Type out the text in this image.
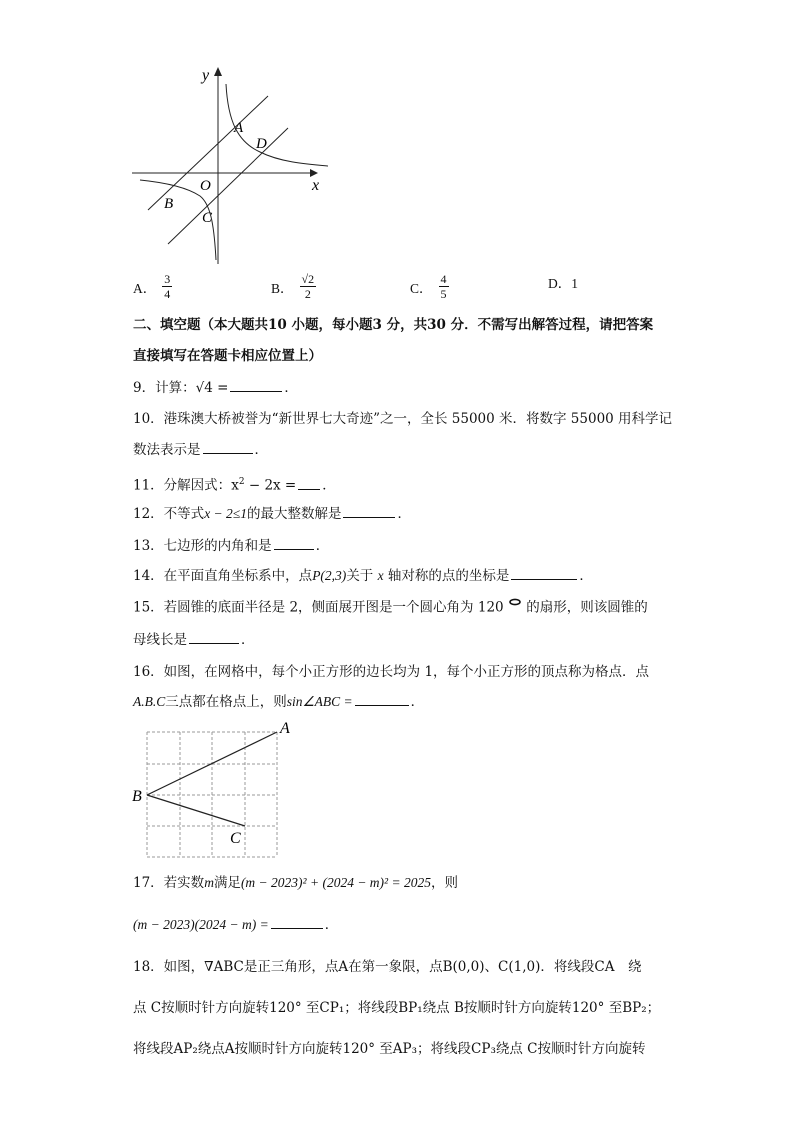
y
x
A
D
O
B
C
A． $\frac{3}{4}$	B． $\frac{√2}{2}$	C． $\frac{4}{5}$	D．1
二、填空题（本大题共10 小题，每小题3 分，共30 分．不需写出解答过程，请把答案
直接填写在答题卡相应位置上）
9．计算：√4 =	．
10．港珠澳大桥被誉为“新世界七大奇迹”之一，全长 55000 米．将数字 55000 用科学记
数法表示是	．
11．分解因式：$x^2 - 2x$ = ．
12．不等式x − 2≤1的最大整数解是	．
13．七边形的内角和是	．
14．在平面直角坐标系中，点P(2,3)关于 x 轴对称的点的坐标是	．
15．若圆锥的底面半径是 2，侧面展开图是一个圆心角为 120 的扇形，则该圆锥的
母线长是	．
16．如图，在网格中，每个小正方形的边长均为 1，每个小正方形的顶点称为格点．点
A.B.C三点都在格点上，则sin∠ABC =	．
A
B
C
17．若实数m满足(m − 2023)² + (2024 − m)² = 2025，则
(m − 2023)(2024 − m) =	．
18．如图，∇ABC是正三角形，点A在第一象限，点B(0,0)、C(1,0)．将线段CA　绕
点 C按顺时针方向旋转120° 至CP₁；将线段BP₁绕点 B按顺时针方向旋转120° 至BP₂；
将线段AP₂绕点A按顺时针方向旋转120° 至AP₃；将线段CP₃绕点 C按顺时针方向旋转
